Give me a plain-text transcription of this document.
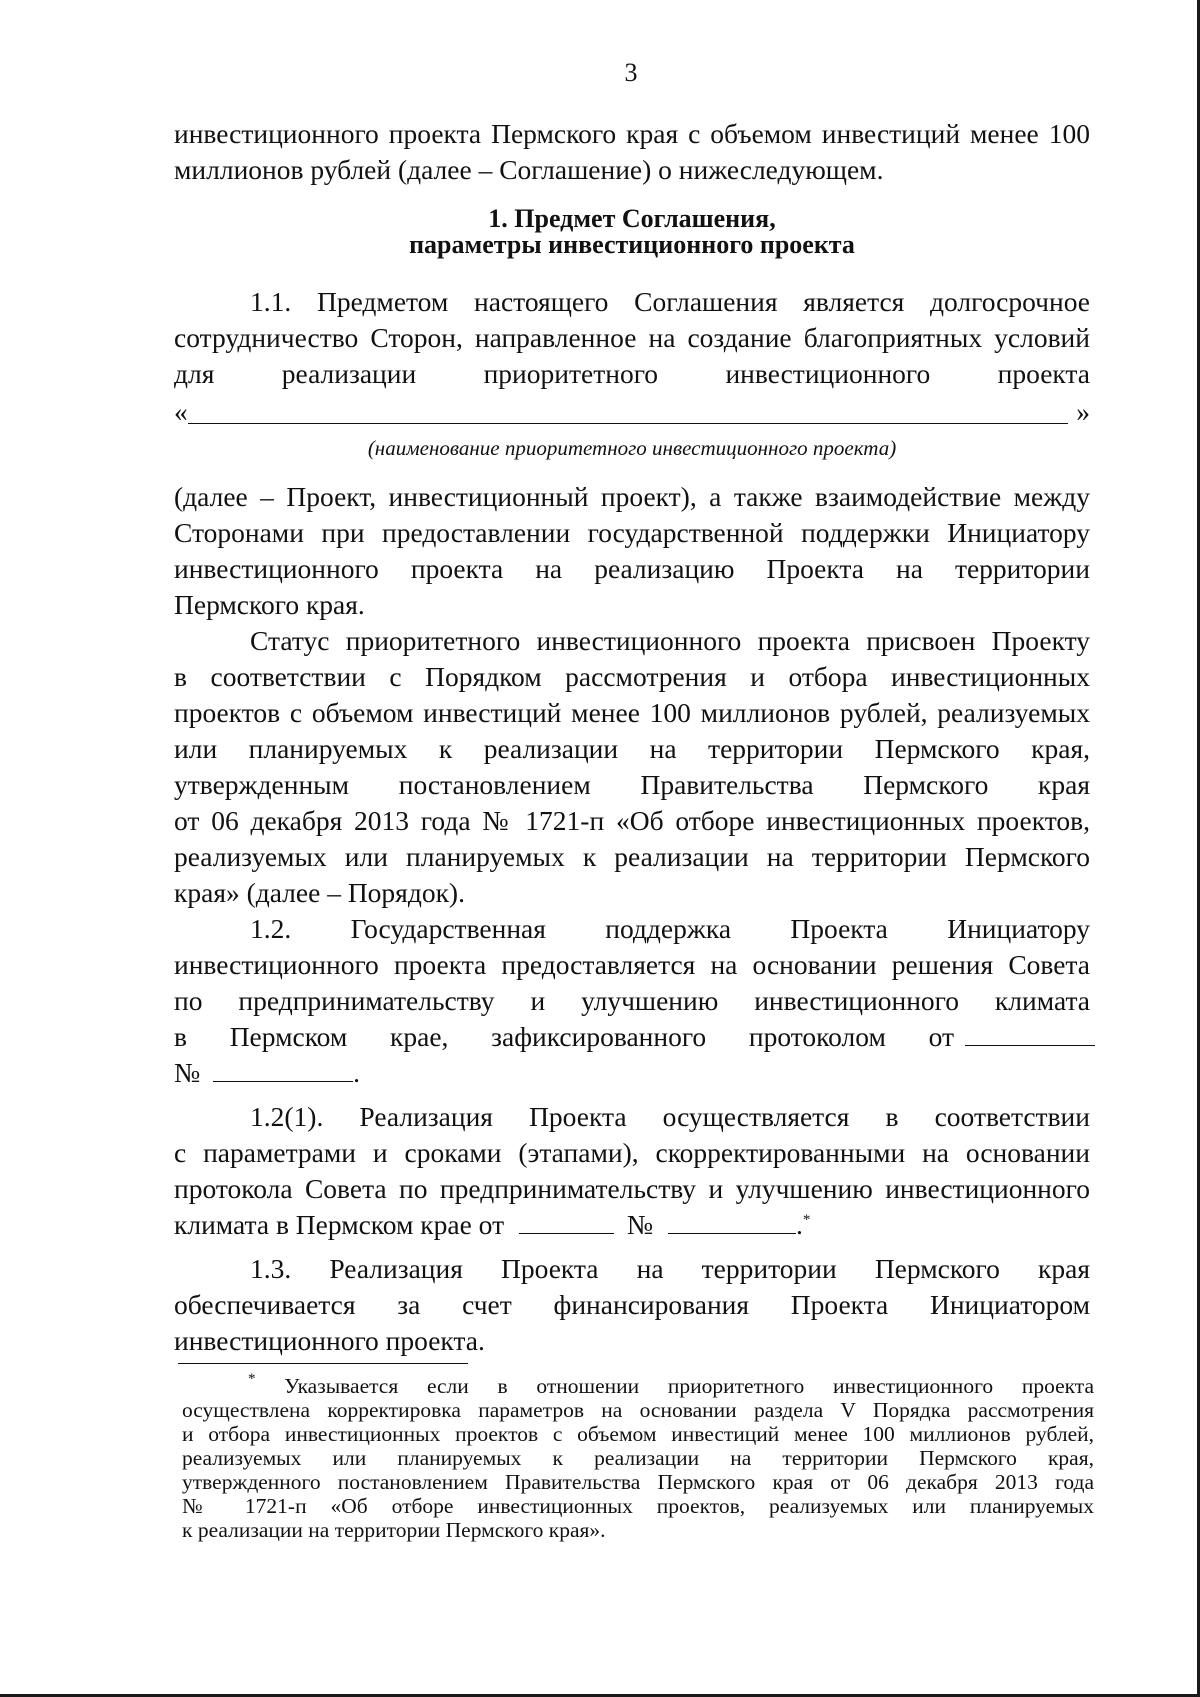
3
инвестиционного проекта Пермского края с объемом инвестиций менее 100
миллионов рублей (далее – Соглашение) о нижеследующем.
1. Предмет Соглашения,
параметры инвестиционного проекта
1.1. Предметом настоящего Соглашения является долгосрочное
сотрудничество Сторон, направленное на создание благоприятных условий
для реализации приоритетного инвестиционного проекта
«	»
(наименование приоритетного инвестиционного проекта)
(далее – Проект, инвестиционный проект), а также взаимодействие между
Сторонами при предоставлении государственной поддержки Инициатору
инвестиционного проекта на реализацию Проекта на территории
Пермского края.
Статус приоритетного инвестиционного проекта присвоен Проекту
в соответствии с Порядком рассмотрения и отбора инвестиционных
проектов с объемом инвестиций менее 100 миллионов рублей, реализуемых
или планируемых к реализации на территории Пермского края,
утвержденным постановлением Правительства Пермского края
от 06 декабря 2013 года № 1721-п «Об отборе инвестиционных проектов,
реализуемых или планируемых к реализации на территории Пермского
края» (далее – Порядок).
1.2. Государственная поддержка Проекта Инициатору
инвестиционного проекта предоставляется на основании решения Совета
по предпринимательству и улучшению инвестиционного климата
в Пермском крае, зафиксированного протоколом от
№	.
1.2(1). Реализация Проекта осуществляется в соответствии
с параметрами и сроками (этапами), скорректированными на основании
протокола Совета по предпринимательству и улучшению инвестиционного
климата в Пермском крае от	№	.*
1.3. Реализация Проекта на территории Пермского края
обеспечивается за счет финансирования Проекта Инициатором
инвестиционного проекта.
* Указывается если в отношении приоритетного инвестиционного проекта
осуществлена корректировка параметров на основании раздела V Порядка рассмотрения
и отбора инвестиционных проектов с объемом инвестиций менее 100 миллионов рублей,
реализуемых или планируемых к реализации на территории Пермского края,
утвержденного постановлением Правительства Пермского края от 06 декабря 2013 года
№ 1721-п «Об отборе инвестиционных проектов, реализуемых или планируемых
к реализации на территории Пермского края».
